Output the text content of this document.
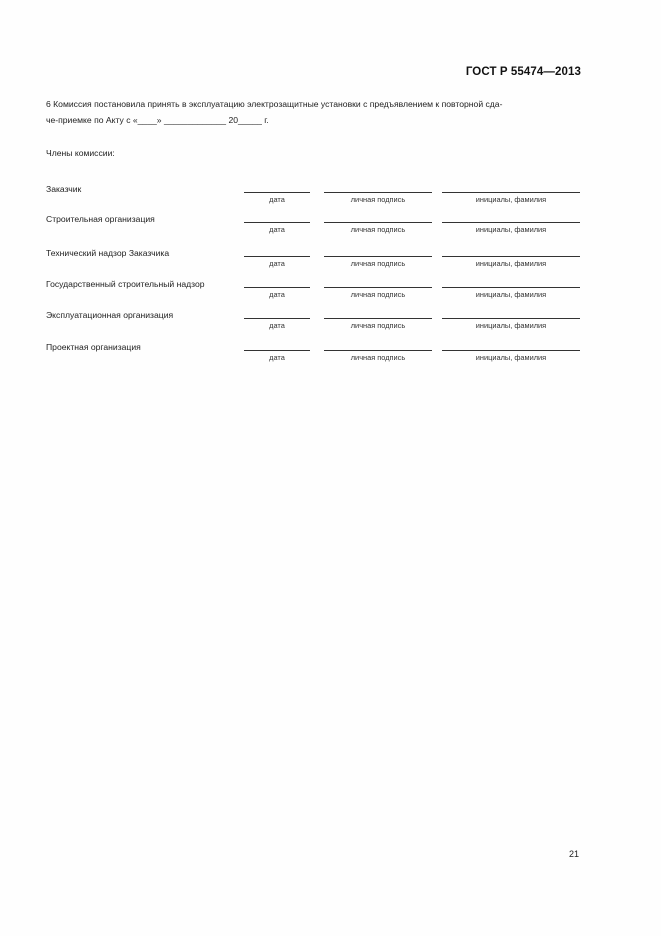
ГОСТ Р 55474—2013
6 Комиссия постановила принять в эксплуатацию электрозащитные установки с предъявлением к повторной сда-
че-приемке по Акту с «____» _____________ 20_____ г.
Члены комиссии:
Заказчик
дата	личная подпись	инициалы, фамилия
Строительная организация
дата	личная подпись	инициалы, фамилия
Технический надзор Заказчика
дата	личная подпись	инициалы, фамилия
Государственный строительный надзор
дата	личная подпись	инициалы, фамилия
Эксплуатационная организация
дата	личная подпись	инициалы, фамилия
Проектная организация
дата	личная подпись	инициалы, фамилия
21
